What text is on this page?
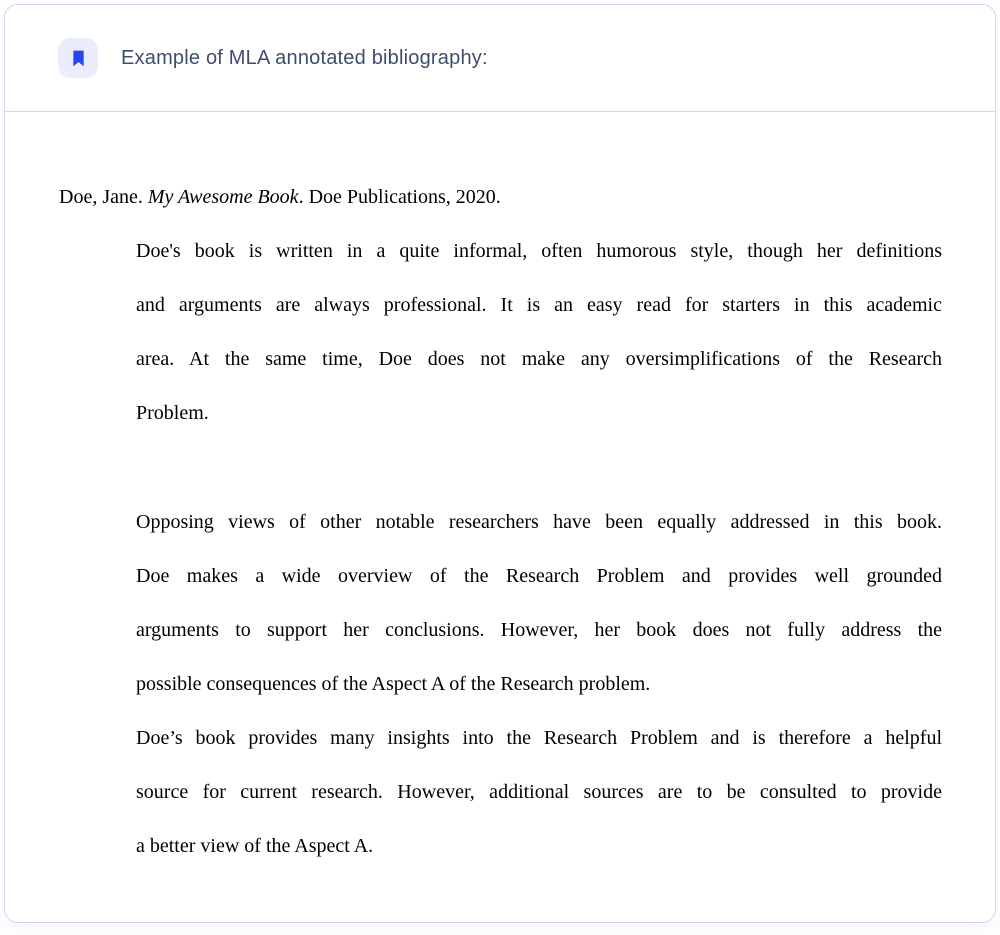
Example of MLA annotated bibliography:

Doe, Jane. My Awesome Book. Doe Publications, 2020.

Doe's book is written in a quite informal, often humorous style, though her definitions
and arguments are always professional. It is an easy read for starters in this academic
area. At the same time, Doe does not make any oversimplifications of the Research
Problem.
Opposing views of other notable researchers have been equally addressed in this book.
Doe makes a wide overview of the Research Problem and provides well grounded
arguments to support her conclusions. However, her book does not fully address the
possible consequences of the Aspect A of the Research problem.
Doe’s book provides many insights into the Research Problem and is therefore a helpful
source for current research. However, additional sources are to be consulted to provide
a better view of the Aspect A.
